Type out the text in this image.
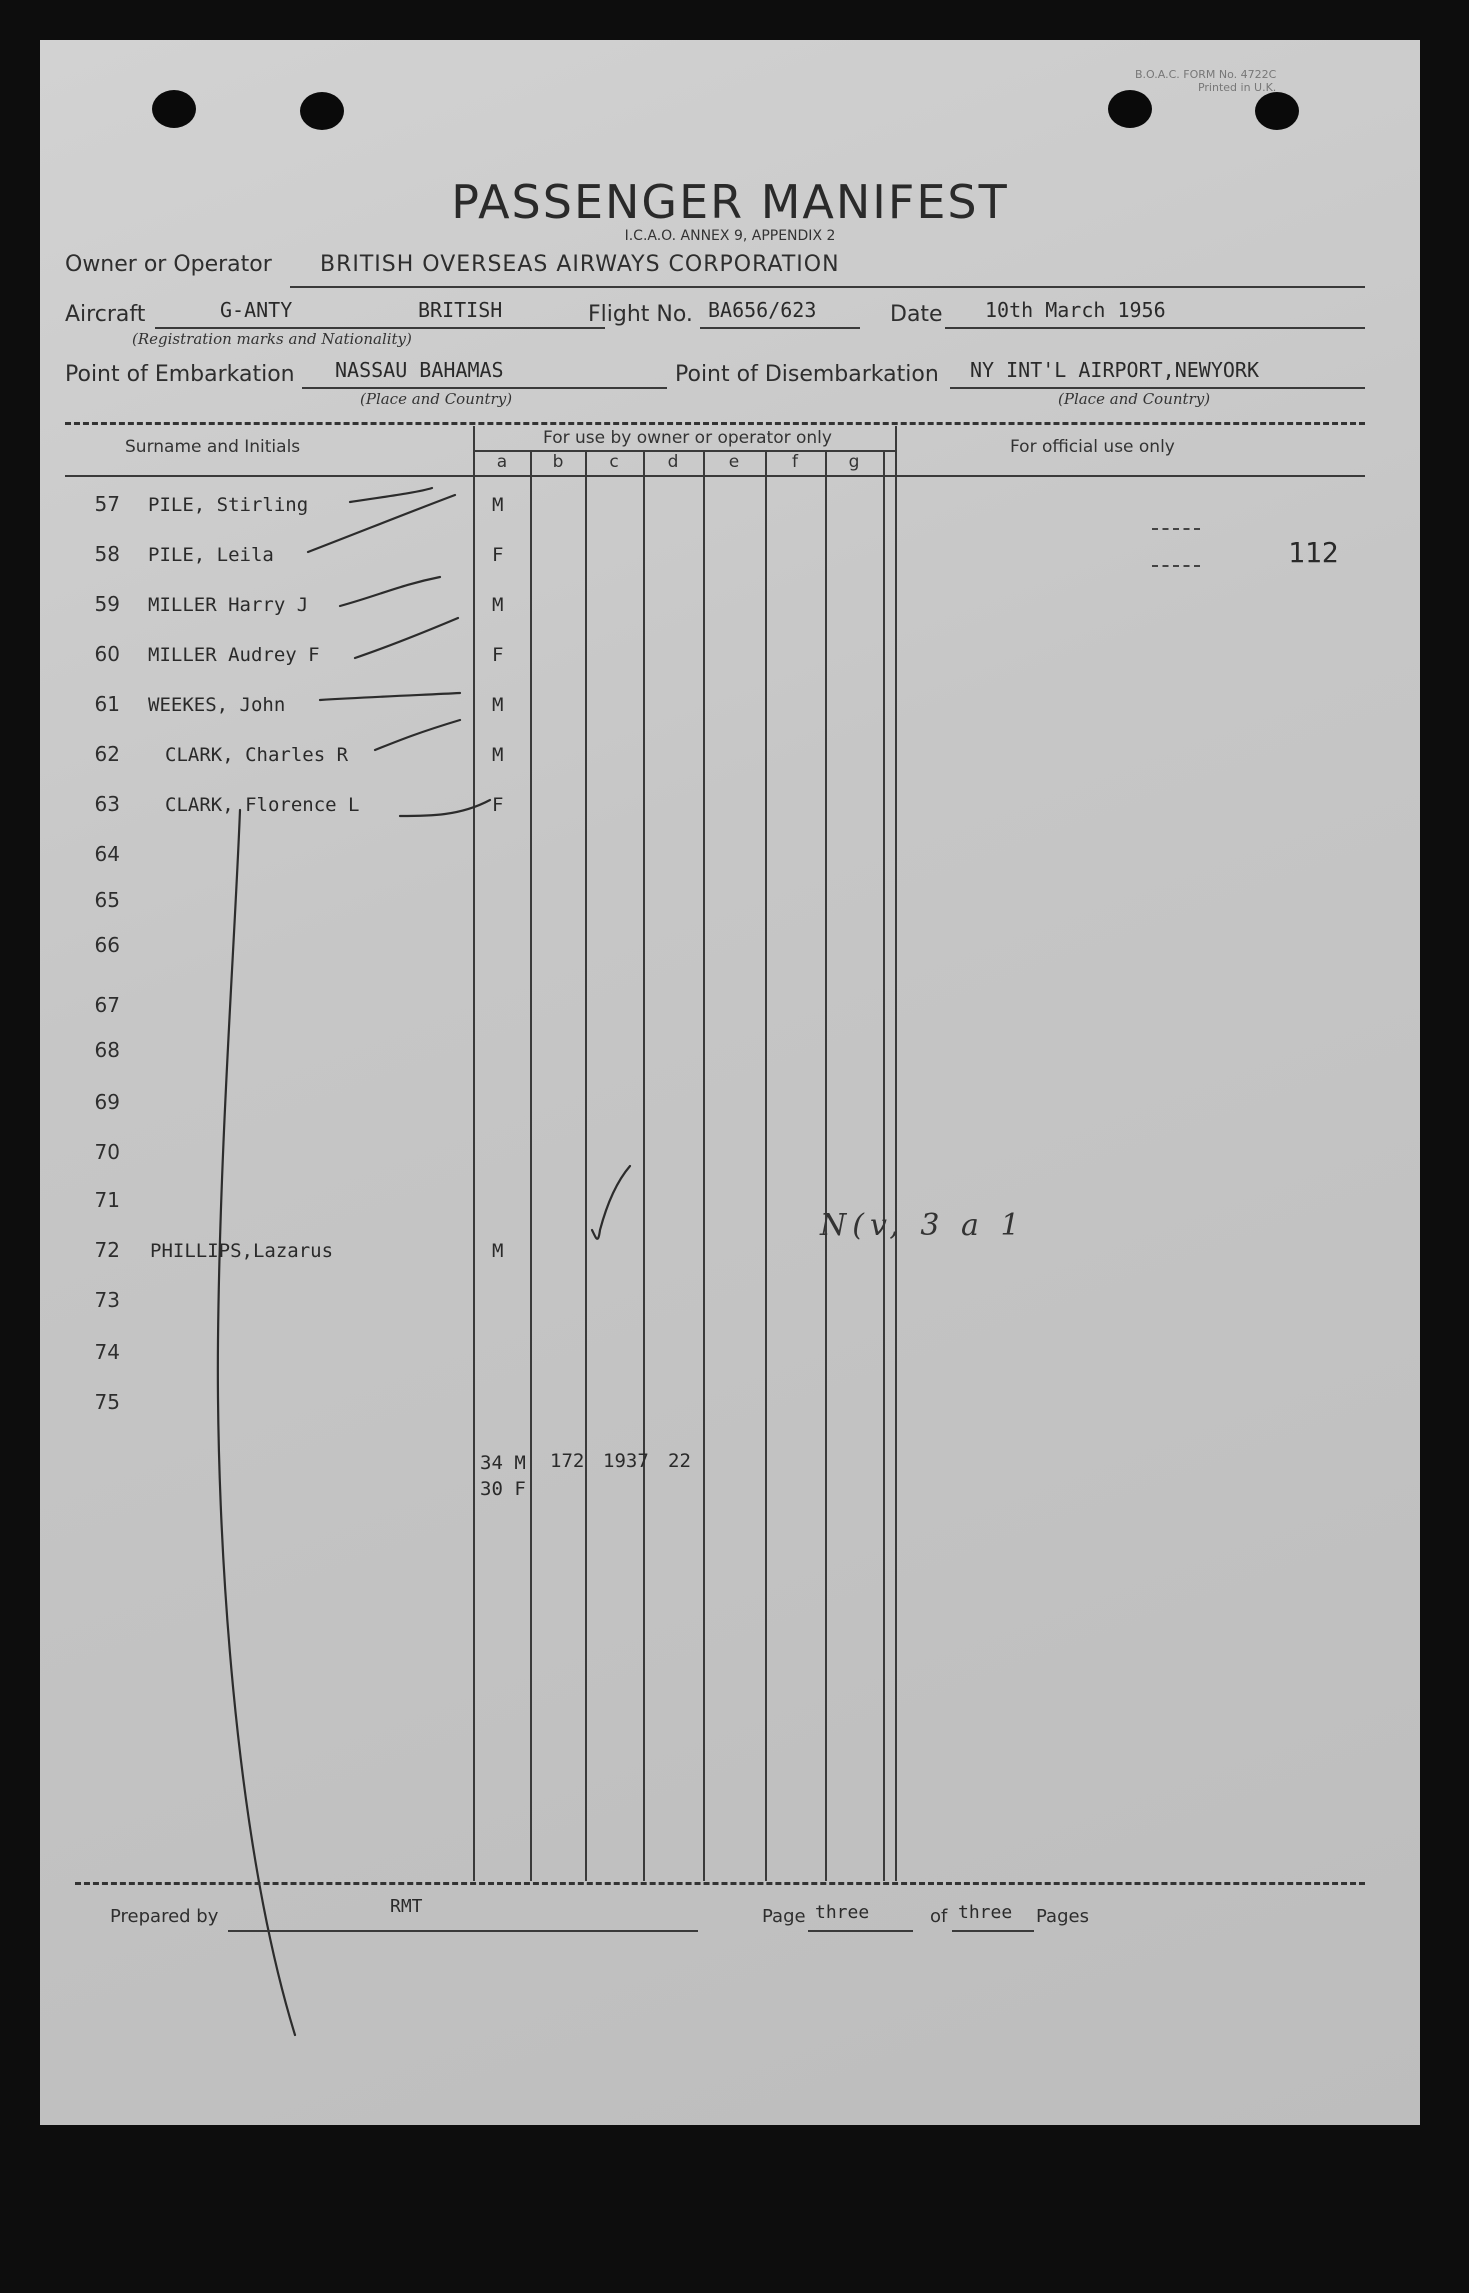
B.O.A.C. FORM No. 4722C
Printed in U.K.
PASSENGER MANIFEST
I.C.A.O. ANNEX 9, APPENDIX 2
Owner or Operator BRITISH OVERSEAS AIRWAYS CORPORATION
Aircraft	G-ANTY	BRITISH
(Registration marks and Nationality)
Flight No. BA656/623	Date 10th March 1956
Point of Embarkation NASSAU BAHAMAS
(Place and Country)
Point of Disembarkation NY INT'L AIRPORT,NEWYORK
(Place and Country)
Surname and Initials	For use by owner or operator only	For official use only
a	b	c	d	e	f	g
112
57 PILE, Stirling	M
58 PILE, Leila	F
59 MILLER Harry J	M
60 MILLER Audrey F	F
61 WEEKES, John	M
62 CLARK, Charles R	M
63 CLARK, Florence L	F
64
65
66
67
68
69
70
71
72 PHILLIPS,Lazarus	M
73
74
75
N(v, 3 a 1
34 M
30 F
172 1937 22
Prepared by	RMT	Page three	of three Pages
